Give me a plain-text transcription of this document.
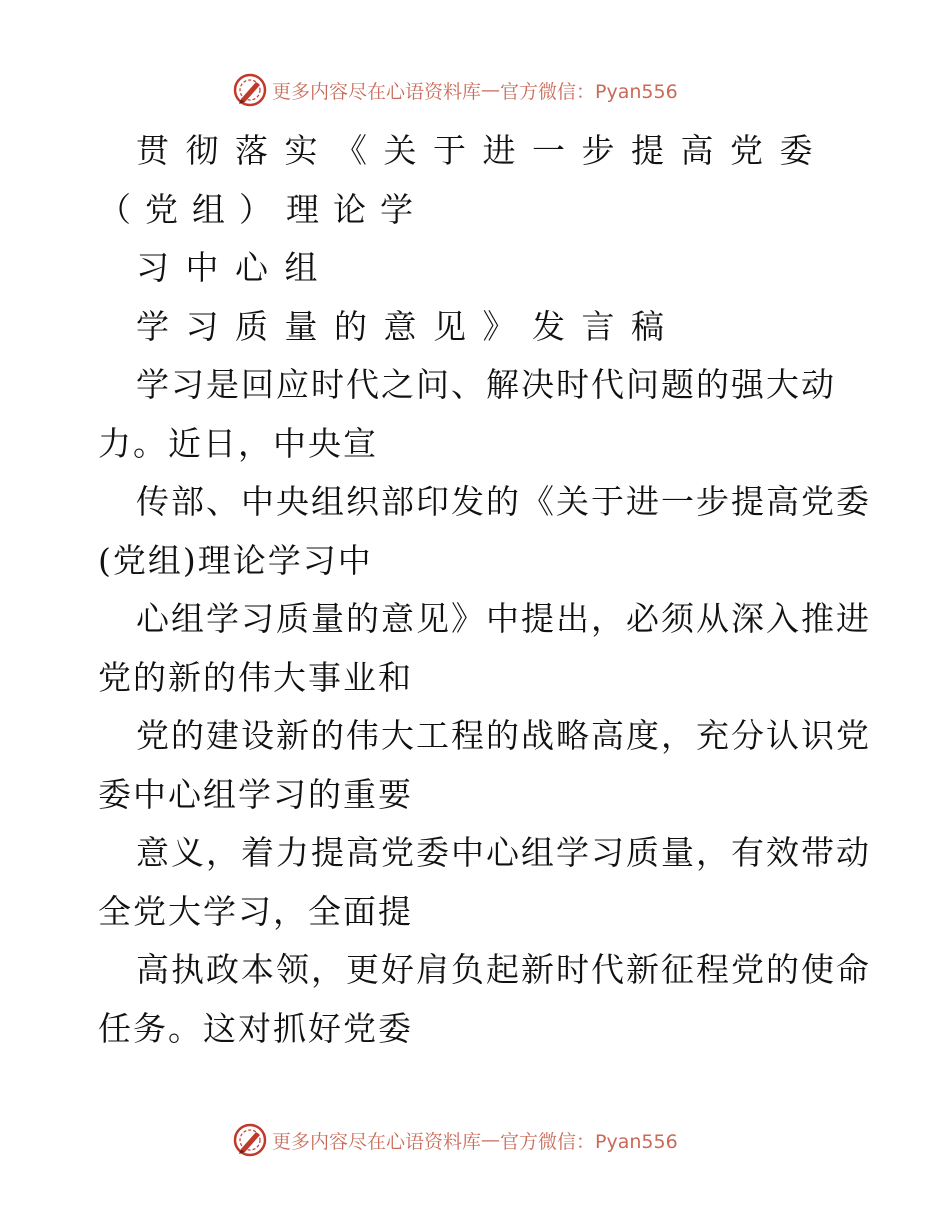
更多内容尽在心语资料库 — 官方微信：Pyan556
贯彻落实《关于进一步提高党委
（党组）理论学
习中心组
学习质量的意见》发言稿
学习是回应时代之问、解决时代问题的强大动
力。近日，中央宣
传部、中央组织部印发的《关于进一步提高党委
(党组)理论学习中
心组学习质量的意见》中提出，必须从深入推进
党的新的伟大事业和
党的建设新的伟大工程的战略高度，充分认识党
委中心组学习的重要
意义，着力提高党委中心组学习质量，有效带动
全党大学习，全面提
高执政本领，更好肩负起新时代新征程党的使命
任务。这对抓好党委
更多内容尽在心语资料库 — 官方微信：Pyan556
